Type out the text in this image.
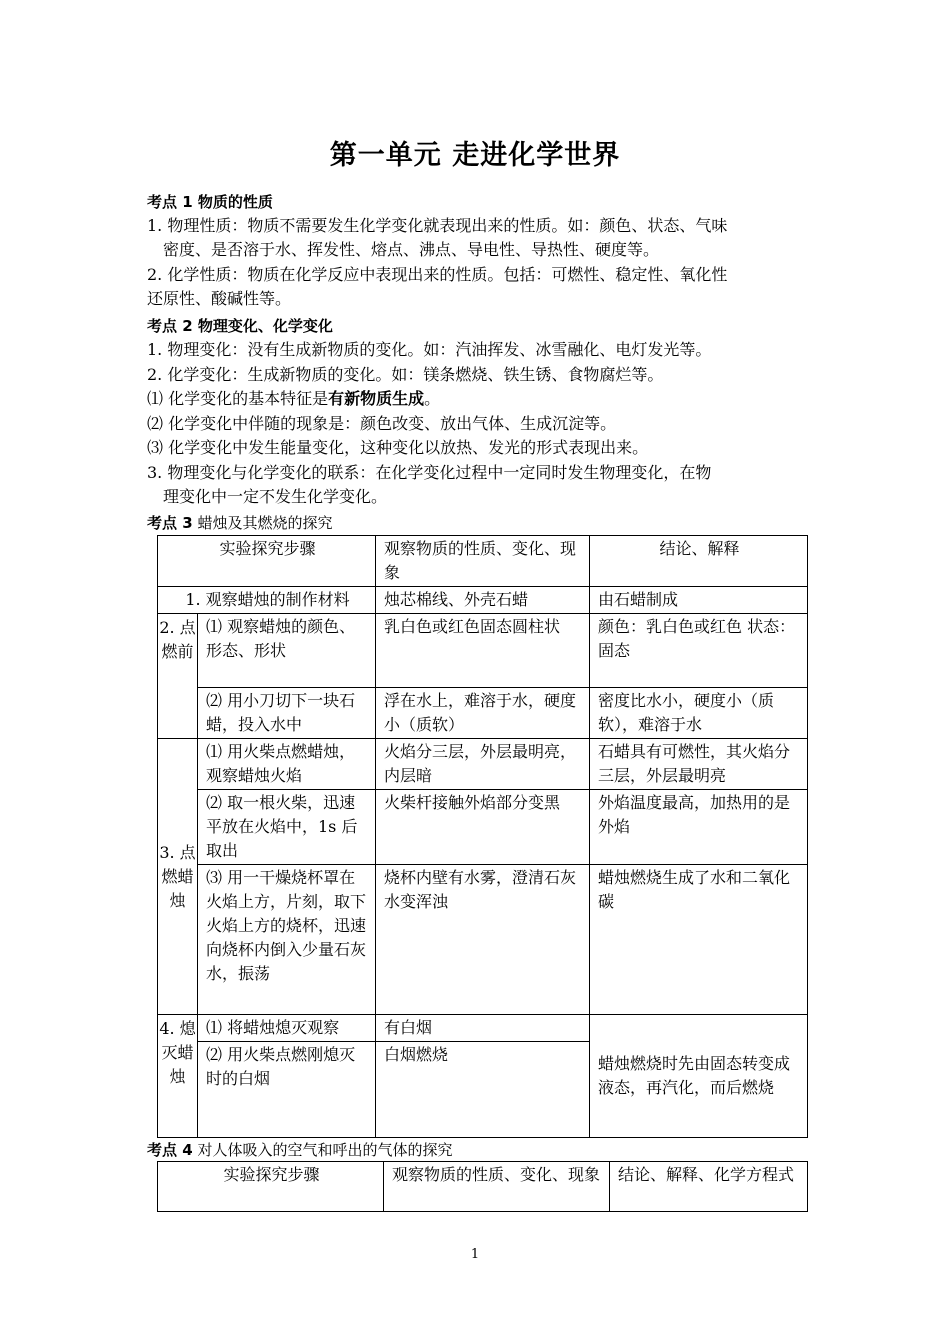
第一单元 走进化学世界
考点 1 物质的性质
1. 物理性质：物质不需要发生化学变化就表现出来的性质。如：颜色、状态、气味
密度、是否溶于水、挥发性、熔点、沸点、导电性、导热性、硬度等。
2. 化学性质：物质在化学反应中表现出来的性质。包括：可燃性、稳定性、氧化性
还原性、酸碱性等。
考点 2 物理变化、化学变化
1. 物理变化：没有生成新物质的变化。如：汽油挥发、冰雪融化、电灯发光等。
2. 化学变化：生成新物质的变化。如：镁条燃烧、铁生锈、食物腐烂等。
⑴ 化学变化的基本特征是有新物质生成。
⑵ 化学变化中伴随的现象是：颜色改变、放出气体、生成沉淀等。
⑶ 化学变化中发生能量变化，这种变化以放热、发光的形式表现出来。
3. 物理变化与化学变化的联系：在化学变化过程中一定同时发生物理变化，在物
理变化中一定不发生化学变化。
考点 3 蜡烛及其燃烧的探究
实验探究步骤		观察物质的性质、变化、现象	结论、解释
1. 观察蜡烛的制作材料		烛芯棉线、外壳石蜡	由石蜡制成
2. 点燃前	⑴ 观察蜡烛的颜色、形态、形状	乳白色或红色固态圆柱状	颜色：乳白色或红色 状态：固态
	⑵ 用小刀切下一块石蜡，投入水中	浮在水上，难溶于水，硬度小（质软）	密度比水小，硬度小（质软），难溶于水
3. 点燃蜡烛	⑴ 用火柴点燃蜡烛，观察蜡烛火焰	火焰分三层，外层最明亮，内层暗	石蜡具有可燃性，其火焰分三层，外层最明亮
	⑵ 取一根火柴，迅速平放在火焰中，1s 后取出	火柴杆接触外焰部分变黑	外焰温度最高，加热用的是外焰
	⑶ 用一干燥烧杯罩在火焰上方，片刻，取下火焰上方的烧杯，迅速向烧杯内倒入少量石灰水，振荡	烧杯内壁有水雾，澄清石灰水变浑浊	蜡烛燃烧生成了水和二氧化碳
4. 熄灭蜡烛	⑴ 将蜡烛熄灭观察	有白烟	蜡烛燃烧时先由固态转变成液态，再汽化，而后燃烧
	⑵ 用火柴点燃刚熄灭时的白烟	白烟燃烧	
考点 4 对人体吸入的空气和呼出的气体的探究
实验探究步骤	观察物质的性质、变化、现象	结论、解释、化学方程式
1
